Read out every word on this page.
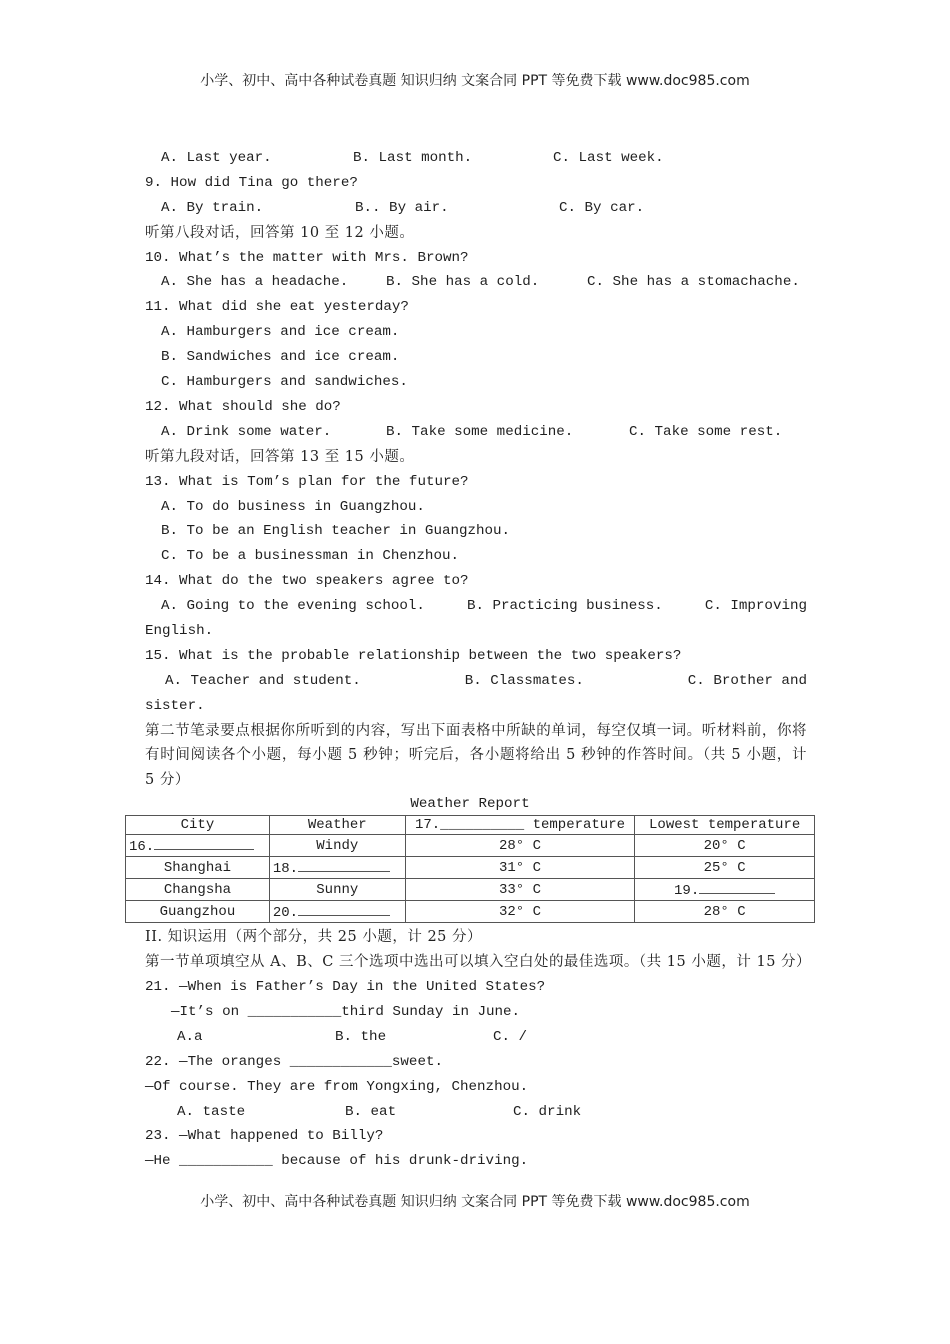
小学、初中、高中各种试卷真题 知识归纳 文案合同 PPT 等免费下载 www.doc985.com
A. Last year.	B. Last month.	C. Last week.
9. How did Tina go there?
A. By train.	B.. By air.	C. By car.
听第八段对话，回答第 10 至 12 小题。
10. What’s the matter with Mrs. Brown?
A. She has a headache.	B. She has a cold.	C. She has a stomachache.
11. What did she eat yesterday?
A. Hamburgers and ice cream.
B. Sandwiches and ice cream.
C. Hamburgers and sandwiches.
12. What should she do?
A. Drink some water.	B. Take some medicine.	C. Take some rest.
听第九段对话，回答第 13 至 15 小题。
13. What is Tom’s plan for the future?
A. To do business in Guangzhou.
B. To be an English teacher in Guangzhou.
C. To be a businessman in Chenzhou.
14. What do the two speakers agree to?
A. Going to the evening school.	B. Practicing business.	C. Improving
English.
15. What is the probable relationship between the two speakers?
A. Teacher and student.	B. Classmates.	C. Brother and
sister.
第二节笔录要点根据你所听到的内容，写出下面表格中所缺的单词，每空仅填一词。听材料前，你将有时间阅读各个小题，每小题 5 秒钟；听完后，各小题将给出 5 秒钟的作答时间。（共 5 小题，计 5 分）
Weather Report
City	Weather	17.__________ temperature	Lowest temperature
16.	Windy	28° C	20° C
Shanghai	18.	31° C	25° C
Changsha	Sunny	33° C	19.
Guangzhou	20.	32° C	28° C
II. 知识运用（两个部分，共 25 小题，计 25 分）
第一节单项填空从 A、B、C 三个选项中选出可以填入空白处的最佳选项。（共 15 小题，计 15 分）
21. —When is Father’s Day in the United States?
—It’s on ___________third Sunday in June.
A.a	B. the	C. /
22. —The oranges ____________sweet.
—Of course. They are from Yongxing, Chenzhou.
A. taste	B. eat	C. drink
23. —What happened to Billy?
—He ___________ because of his drunk-driving.
小学、初中、高中各种试卷真题 知识归纳 文案合同 PPT 等免费下载 www.doc985.com
